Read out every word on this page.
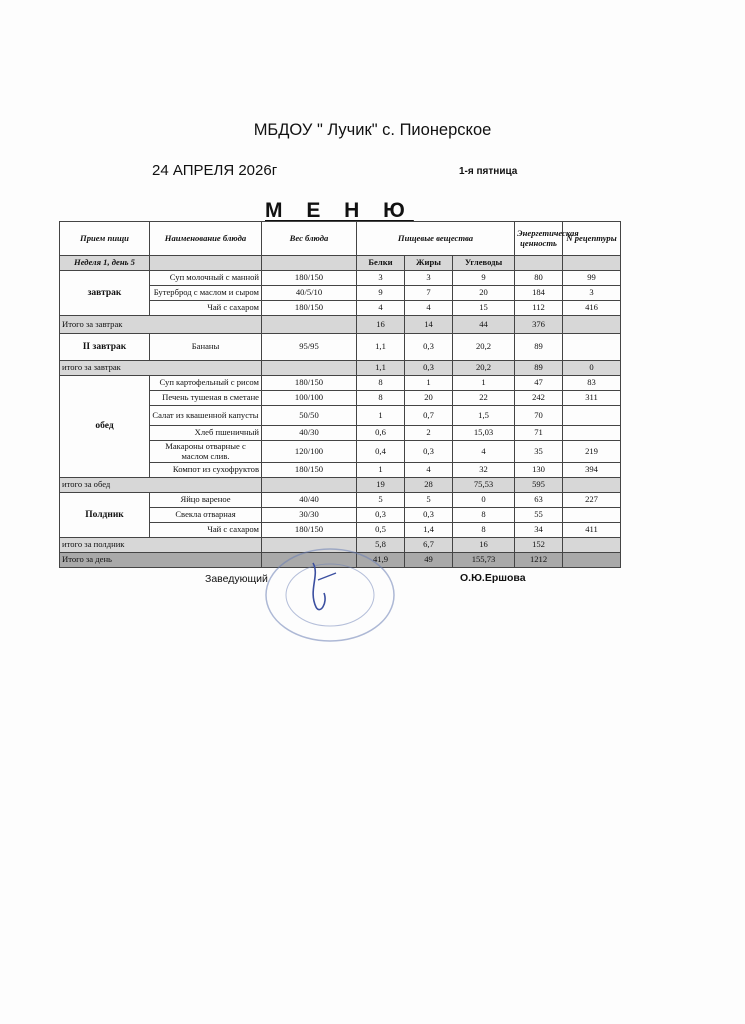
МБДОУ " Лучик" с. Пионерское
24 АПРЕЛЯ 2026г	1-я пятница
М Е Н Ю
Прием пищи	Наименование блюда	Вес блюда	Пищевые вещества			Энергетическая ценность	N рецептуры
Неделя 1, день 5			Белки	Жиры	Углеводы		
завтрак	Суп молочный с манной	180/150	3	3	9	80	99
	Бутерброд с маслом и сыром	40/5/10	9	7	20	184	3
	Чай с сахаром	180/150	4	4	15	112	416
Итого за завтрак			16	14	44	376	
II завтрак	Бананы	95/95	1,1	0,3	20,2	89	
итого за завтрак			1,1	0,3	20,2	89	0
обед	Суп картофельный с рисом	180/150	8	1	1	47	83
	Печень тушеная в сметане	100/100	8	20	22	242	311
	Салат из квашенной капусты	50/50	1	0,7	1,5	70	
	Хлеб пшеничный	40/30	0,6	2	15,03	71	
	Макароны отварные с маслом слив.	120/100	0,4	0,3	4	35	219
	Компот из сухофруктов	180/150	1	4	32	130	394
итого за обед			19	28	75,53	595	
Полдник	Яйцо вареное	40/40	5	5	0	63	227
	Свекла отварная	30/30	0,3	0,3	8	55	
	Чай с сахаром	180/150	0,5	1,4	8	34	411
итого за полдник			5,8	6,7	16	152	
Итого за день			41,9	49	155,73	1212	
Заведующий	О.Ю.Ершова
